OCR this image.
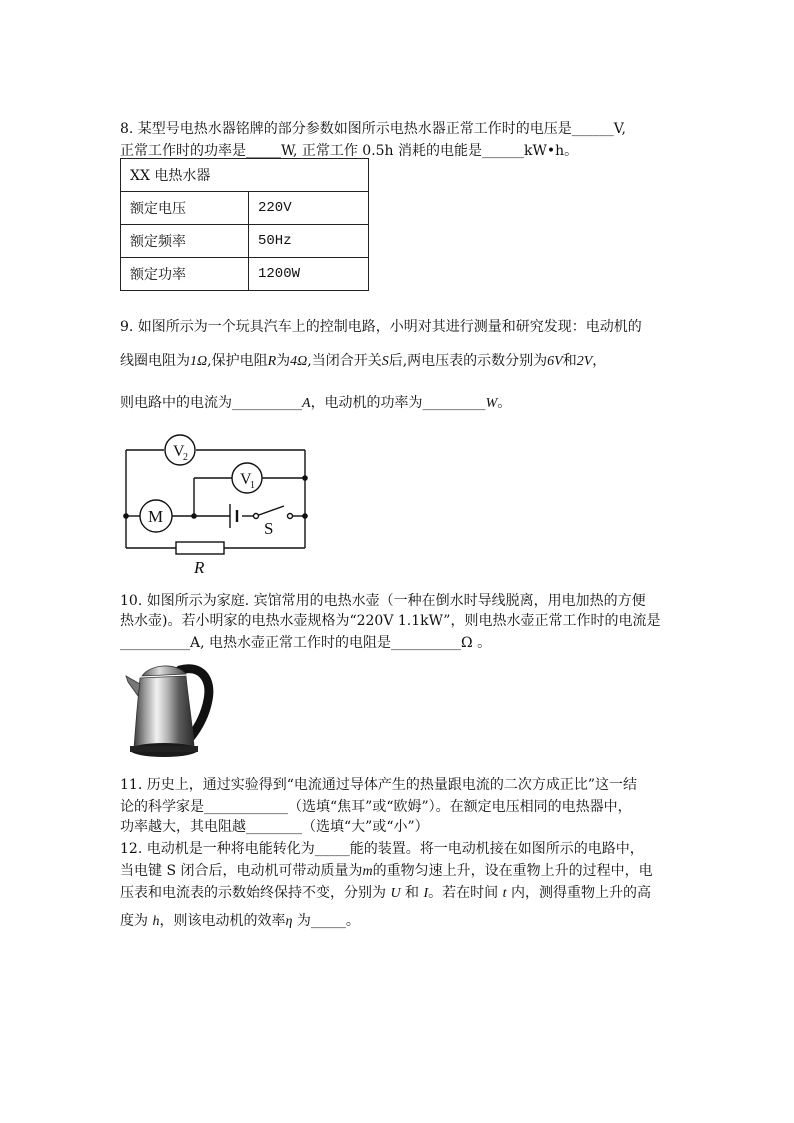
8. 某型号电热水器铭牌的部分参数如图所示电热水器正常工作时的电压是______V,
正常工作时的功率是_____W, 正常工作 0.5h 消耗的电能是______kW•h。
XX 电热水器	
额定电压	220V
额定频率	50Hz
额定功率	1200W
9. 如图所示为一个玩具汽车上的控制电路，小明对其进行测量和研究发现：电动机的
线圈电阻为1Ω,保护电阻R为4Ω,当闭合开关S后,两电压表的示数分别为6V和2V，
则电路中的电流为__________A，电动机的功率为_________W。
V
2
V
1
M
S
R
10. 如图所示为家庭. 宾馆常用的电热水壶（一种在倒水时导线脱离，用电加热的方便
热水壶)。若小明家的电热水壶规格为“220V 1.1kW”，则电热水壶正常工作时的电流是
__________A, 电热水壶正常工作时的电阻是__________Ω 。
11. 历史上，通过实验得到“电流通过导体产生的热量跟电流的二次方成正比”这一结
论的科学家是____________（选填“焦耳”或“欧姆”）。在额定电压相同的电热器中，
功率越大，其电阻越________（选填“大”或“小”）
12. 电动机是一种将电能转化为_____能的装置。将一电动机接在如图所示的电路中，
当电键 S 闭合后，电动机可带动质量为m的重物匀速上升，设在重物上升的过程中，电
压表和电流表的示数始终保持不变，分别为 U 和 I。若在时间 t 内，测得重物上升的高
度为 h，则该电动机的效率η 为_____。
